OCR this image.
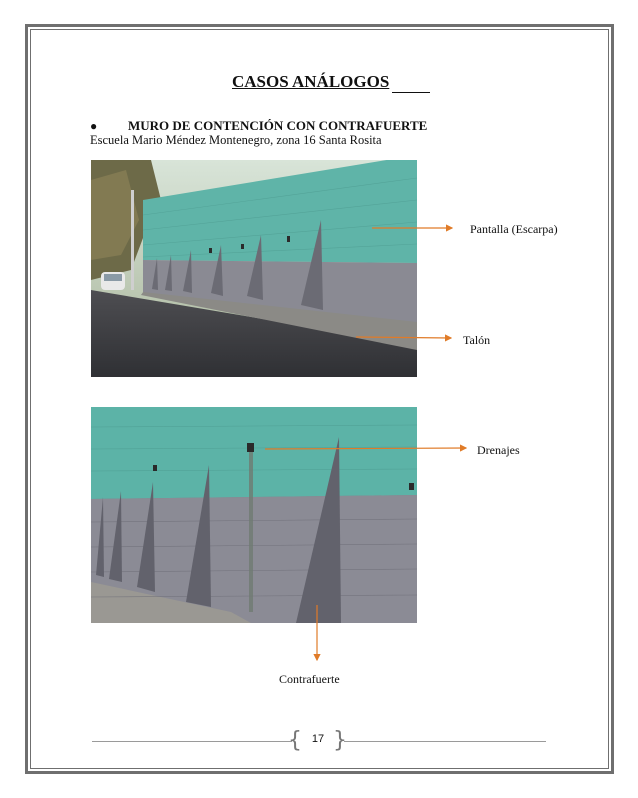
CASOS ANÁLOGOS
● MURO DE CONTENCIÓN CON CONTRAFUERTE
Escuela Mario Méndez Montenegro, zona 16 Santa Rosita
Pantalla (Escarpa)
Talón
Drenajes
Contrafuerte
{ }
17
